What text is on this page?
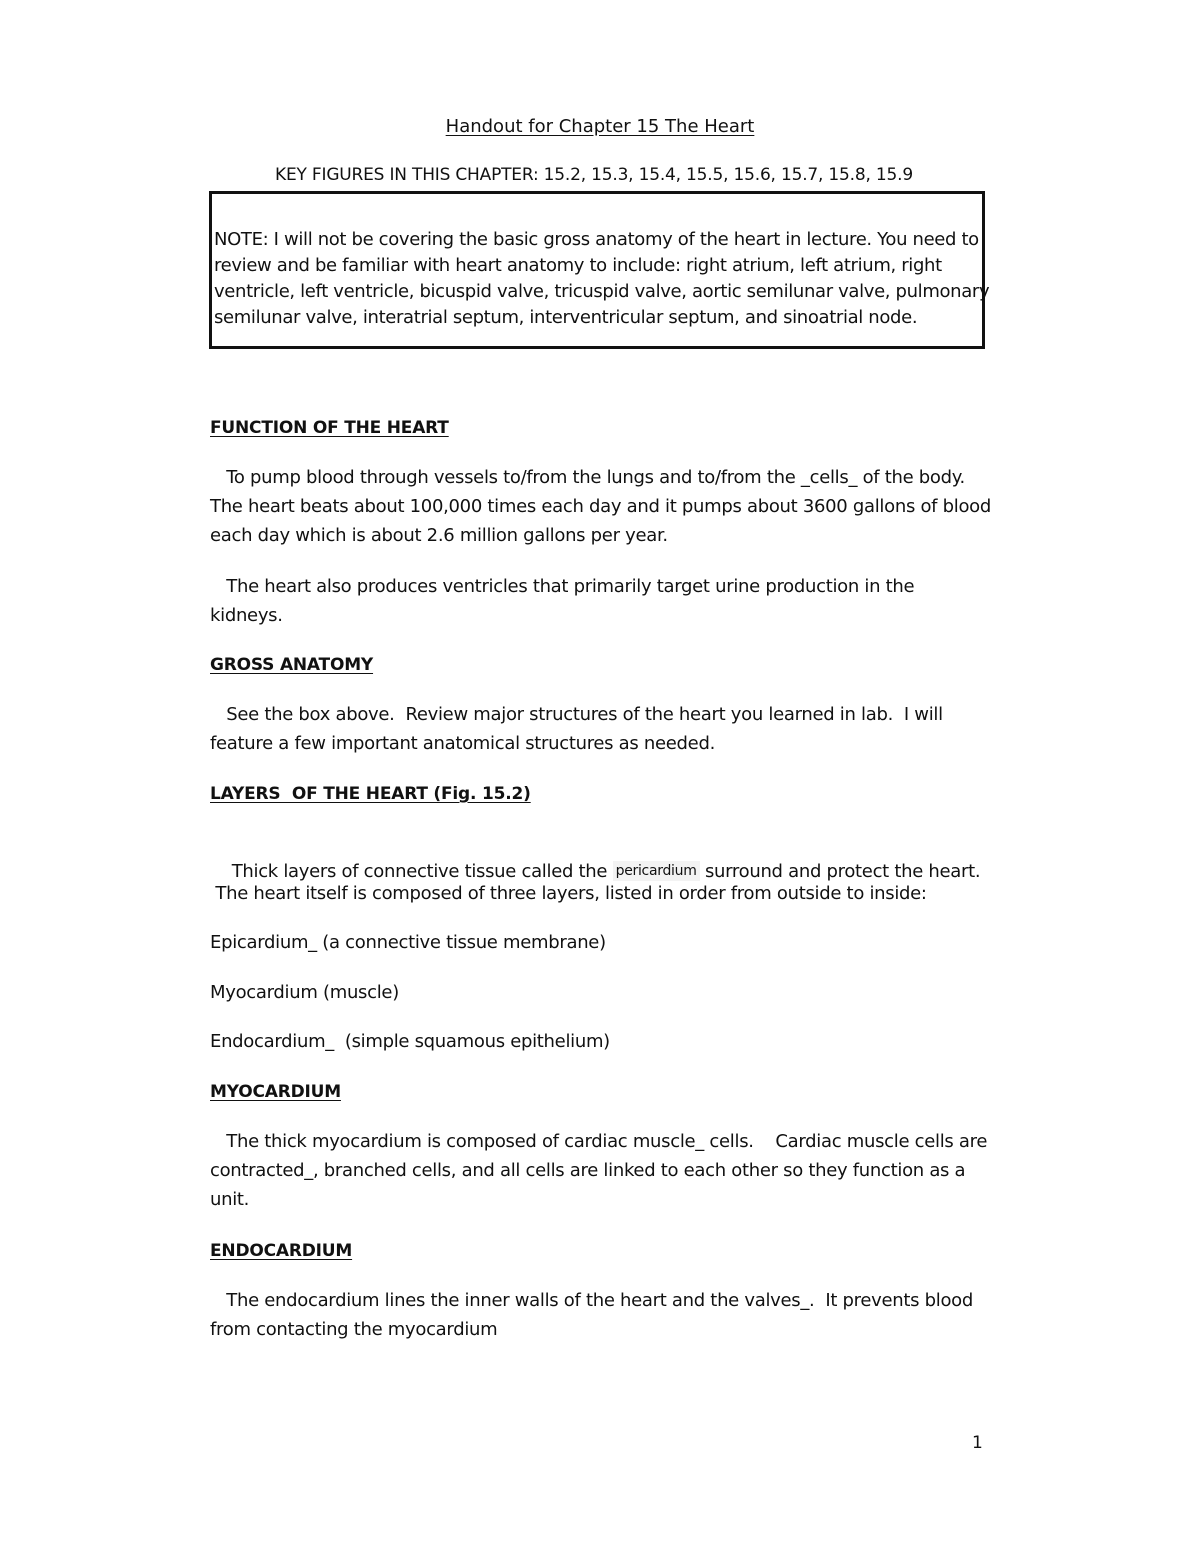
Handout for Chapter 15 The Heart
KEY FIGURES IN THIS CHAPTER: 15.2, 15.3, 15.4, 15.5, 15.6, 15.7, 15.8, 15.9
NOTE: I will not be covering the basic gross anatomy of the heart in lecture. You need to
review and be familiar with heart anatomy to include: right atrium, left atrium, right
ventricle, left ventricle, bicuspid valve, tricuspid valve, aortic semilunar valve, pulmonary
semilunar valve, interatrial septum, interventricular septum, and sinoatrial node.
FUNCTION OF THE HEART
To pump blood through vessels to/from the lungs and to/from the _cells_ of the body.
The heart beats about 100,000 times each day and it pumps about 3600 gallons of blood
each day which is about 2.6 million gallons per year.
The heart also produces ventricles that primarily target urine production in the
kidneys.
GROSS ANATOMY
See the box above.  Review major structures of the heart you learned in lab.  I will
feature a few important anatomical structures as needed.
LAYERS  OF THE HEART (Fig. 15.2)

Thick layers of connective tissue called the pericardium surround and protect the heart.

The heart itself is composed of three layers, listed in order from outside to inside:
Epicardium_ (a connective tissue membrane)
Myocardium (muscle)
Endocardium_  (simple squamous epithelium)
MYOCARDIUM
The thick myocardium is composed of cardiac muscle_ cells.    Cardiac muscle cells are
contracted_, branched cells, and all cells are linked to each other so they function as a
unit.
ENDOCARDIUM
The endocardium lines the inner walls of the heart and the valves_.  It prevents blood
from contacting the myocardium
1
